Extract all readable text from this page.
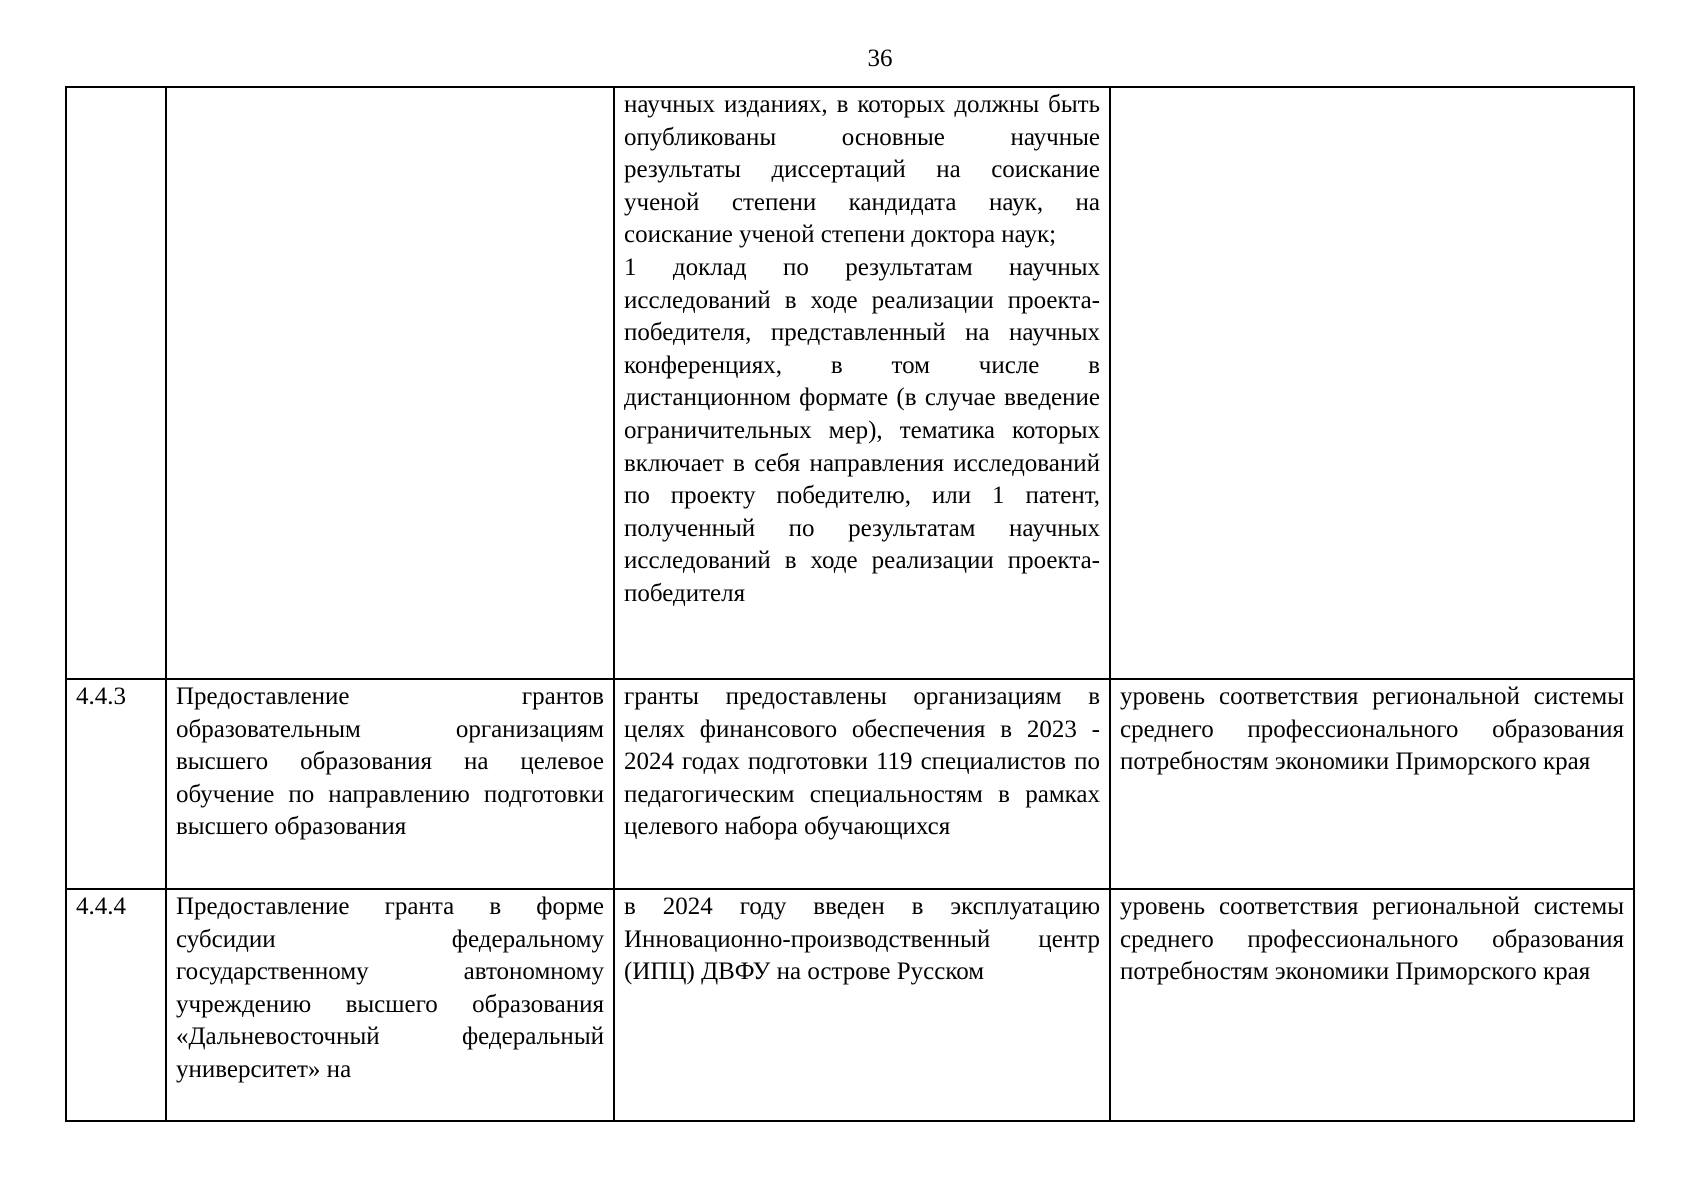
36

		научных изданиях, в которых должны быть опубликованы основные научные результаты диссертаций на соискание ученой степени кандидата наук, на соискание ученой степени доктора наук;
1 доклад по результатам научных исследований в ходе реализации проекта-победителя, представленный на научных конференциях, в том числе в дистанционном формате (в случае введение ограничительных мер), тематика которых включает в себя направления исследований по проекту победителю, или 1 патент, полученный по результатам научных исследований в ходе реализации проекта-победителя	

4.4.3	Предоставление грантов образовательным организациям высшего образования на целевое обучение по направлению подготовки высшего образования	гранты предоставлены организациям в целях финансового обеспечения в 2023 - 2024 годах подготовки 119 специалистов по педагогическим специальностям в рамках целевого набора обучающихся	уровень соответствия региональной системы среднего профессионального образования потребностям экономики Приморского края
4.4.4	Предоставление гранта в форме субсидии федеральному государственному автономному учреждению высшего образования «Дальневосточный федеральный университет» на	в 2024 году введен в эксплуатацию Инновационно-производственный центр (ИПЦ) ДВФУ на острове Русском	уровень соответствия региональной системы среднего профессионального образования потребностям экономики Приморского края
